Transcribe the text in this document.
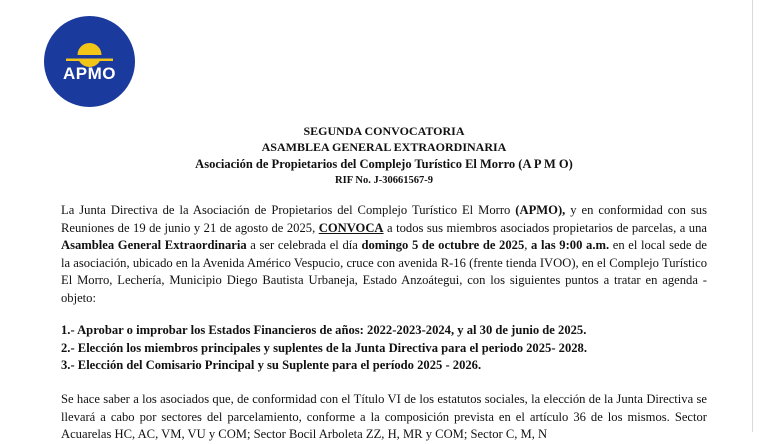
APMO
SEGUNDA CONVOCATORIA
ASAMBLEA GENERAL EXTRAORDINARIA
Asociación de Propietarios del Complejo Turístico El Morro (A P M O)
RIF No. J-30661567-9
La Junta Directiva de la Asociación de Propietarios del Complejo Turístico El Morro (APMO), y en conformidad con sus Reuniones de 19 de junio y 21 de agosto de 2025, CONVOCA a todos sus miembros asociados propietarios de parcelas, a una Asamblea General Extraordinaria a ser celebrada el día domingo 5 de octubre de 2025, a las 9:00 a.m. en el local sede de la asociación, ubicado en la Avenida Américo Vespucio, cruce con avenida R-16 (frente tienda IVOO), en el Complejo Turístico El Morro, Lechería, Municipio Diego Bautista Urbaneja, Estado Anzoátegui, con los siguientes puntos a tratar en agenda - objeto:
1.- Aprobar o improbar los Estados Financieros de años: 2022-2023-2024, y al 30 de junio de 2025.
2.- Elección los miembros principales y suplentes de la Junta Directiva para el periodo 2025- 2028.
3.- Elección del Comisario Principal y su Suplente para el período 2025 - 2026.
Se hace saber a los asociados que, de conformidad con el Título VI de los estatutos sociales, la elección de la Junta Directiva se llevará a cabo por sectores del parcelamiento, conforme a la composición prevista en el artículo 36 de los mismos. Sector Acuarelas HC, AC, VM, VU y COM; Sector Bocil Arboleta ZZ, H, MR y COM; Sector C, M, N
